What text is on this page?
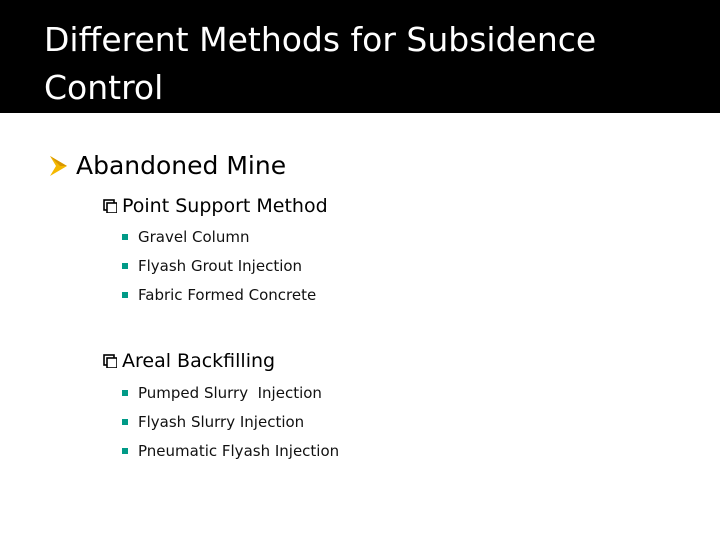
Different Methods for Subsidence Control
Abandoned Mine
Point Support Method
Gravel Column
Flyash Grout Injection
Fabric Formed Concrete
Areal Backfilling
Pumped Slurry  Injection
Flyash Slurry Injection
Pneumatic Flyash Injection
